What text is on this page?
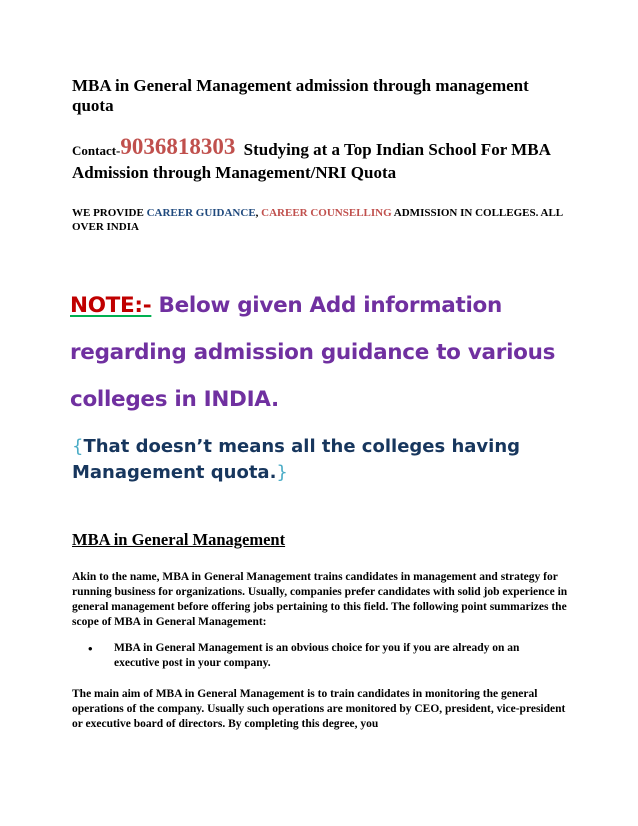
MBA in General Management admission through management quota
Contact-9036818303 Studying at a Top Indian School For MBA Admission through Management/NRI Quota
WE PROVIDE CAREER GUIDANCE, CAREER COUNSELLING ADMISSION IN COLLEGES. ALL OVER INDIA
NOTE:- Below given Add information regarding admission guidance to various colleges in INDIA.
{That doesn’t means all the colleges having Management quota.}
MBA in General Management
Akin to the name, MBA in General Management trains candidates in management and strategy for running business for organizations. Usually, companies prefer candidates with solid job experience in general management before offering jobs pertaining to this field. The following point summarizes the scope of MBA in General Management:
• MBA in General Management is an obvious choice for you if you are already on an executive post in your company.
The main aim of MBA in General Management is to train candidates in monitoring the general operations of the company. Usually such operations are monitored by CEO, president, vice-president or executive board of directors. By completing this degree, you
